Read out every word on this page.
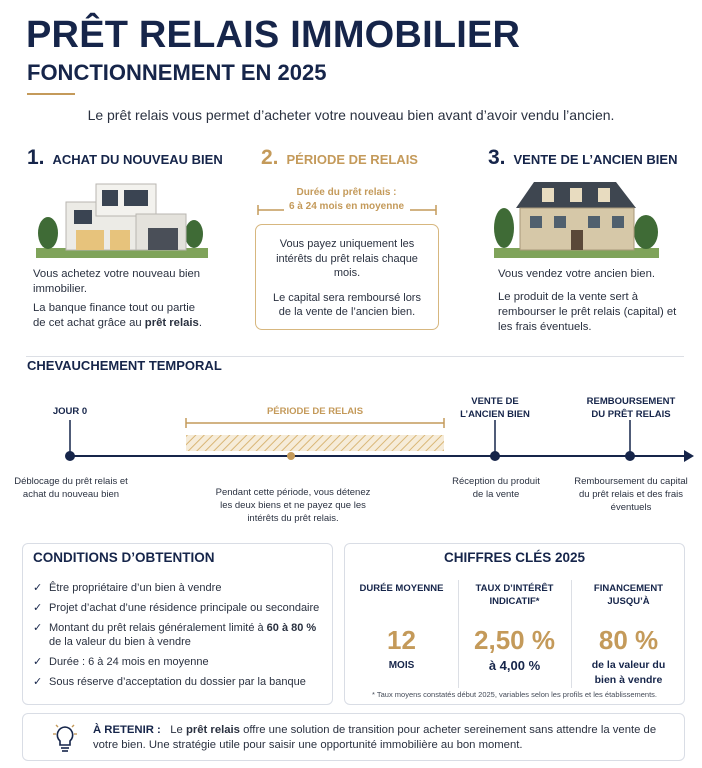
PRÊT RELAIS IMMOBILIER
FONCTIONNEMENT EN 2025
Le prêt relais vous permet d’acheter votre nouveau bien avant d’avoir vendu l’ancien.
1. ACHAT DU NOUVEAU BIEN
Vous achetez votre nouveau bien immobilier.
La banque finance tout ou partie de cet achat grâce au prêt relais.
2. PÉRIODE DE RELAIS
Durée du prêt relais :
6 à 24 mois en moyenne
Vous payez uniquement les intérêts du prêt relais chaque mois.
Le capital sera remboursé lors de la vente de l’ancien bien.
3. VENTE DE L’ANCIEN BIEN
Vous vendez votre ancien bien.
Le produit de la vente sert à rembourser le prêt relais (capital) et les frais éventuels.
CHEVAUCHEMENT TEMPORAL
JOUR 0	PÉRIODE DE RELAIS
VENTE DE
L’ANCIEN BIEN
REMBOURSEMENT
DU PRÊT RELAIS
Déblocage du prêt relais et achat du nouveau bien	Pendant cette période, vous détenez les deux biens et ne payez que les intérêts du prêt relais.
Réception du produit de la vente
Remboursement du capital du prêt relais et des frais éventuels
CONDITIONS D’OBTENTION
✓ Être propriétaire d’un bien à vendre
✓ Projet d’achat d’une résidence principale ou secondaire
✓ Montant du prêt relais généralement limité à 60 à 80 % de la valeur du bien à vendre
✓ Durée : 6 à 24 mois en moyenne
✓ Sous réserve d’acceptation du dossier par la banque
CHIFFRES CLÉS 2025
DURÉE MOYENNE
12
MOIS
TAUX D’INTÉRÊT
INDICATIF*
2,50 %
à 4,00 %
FINANCEMENT
JUSQU’À
80 %
de la valeur du
bien à vendre
* Taux moyens constatés début 2025, variables selon les profils et les établissements.
À RETENIR : Le prêt relais offre une solution de transition pour acheter sereinement sans attendre la vente de votre bien. Une stratégie utile pour saisir une opportunité immobilière au bon moment.
